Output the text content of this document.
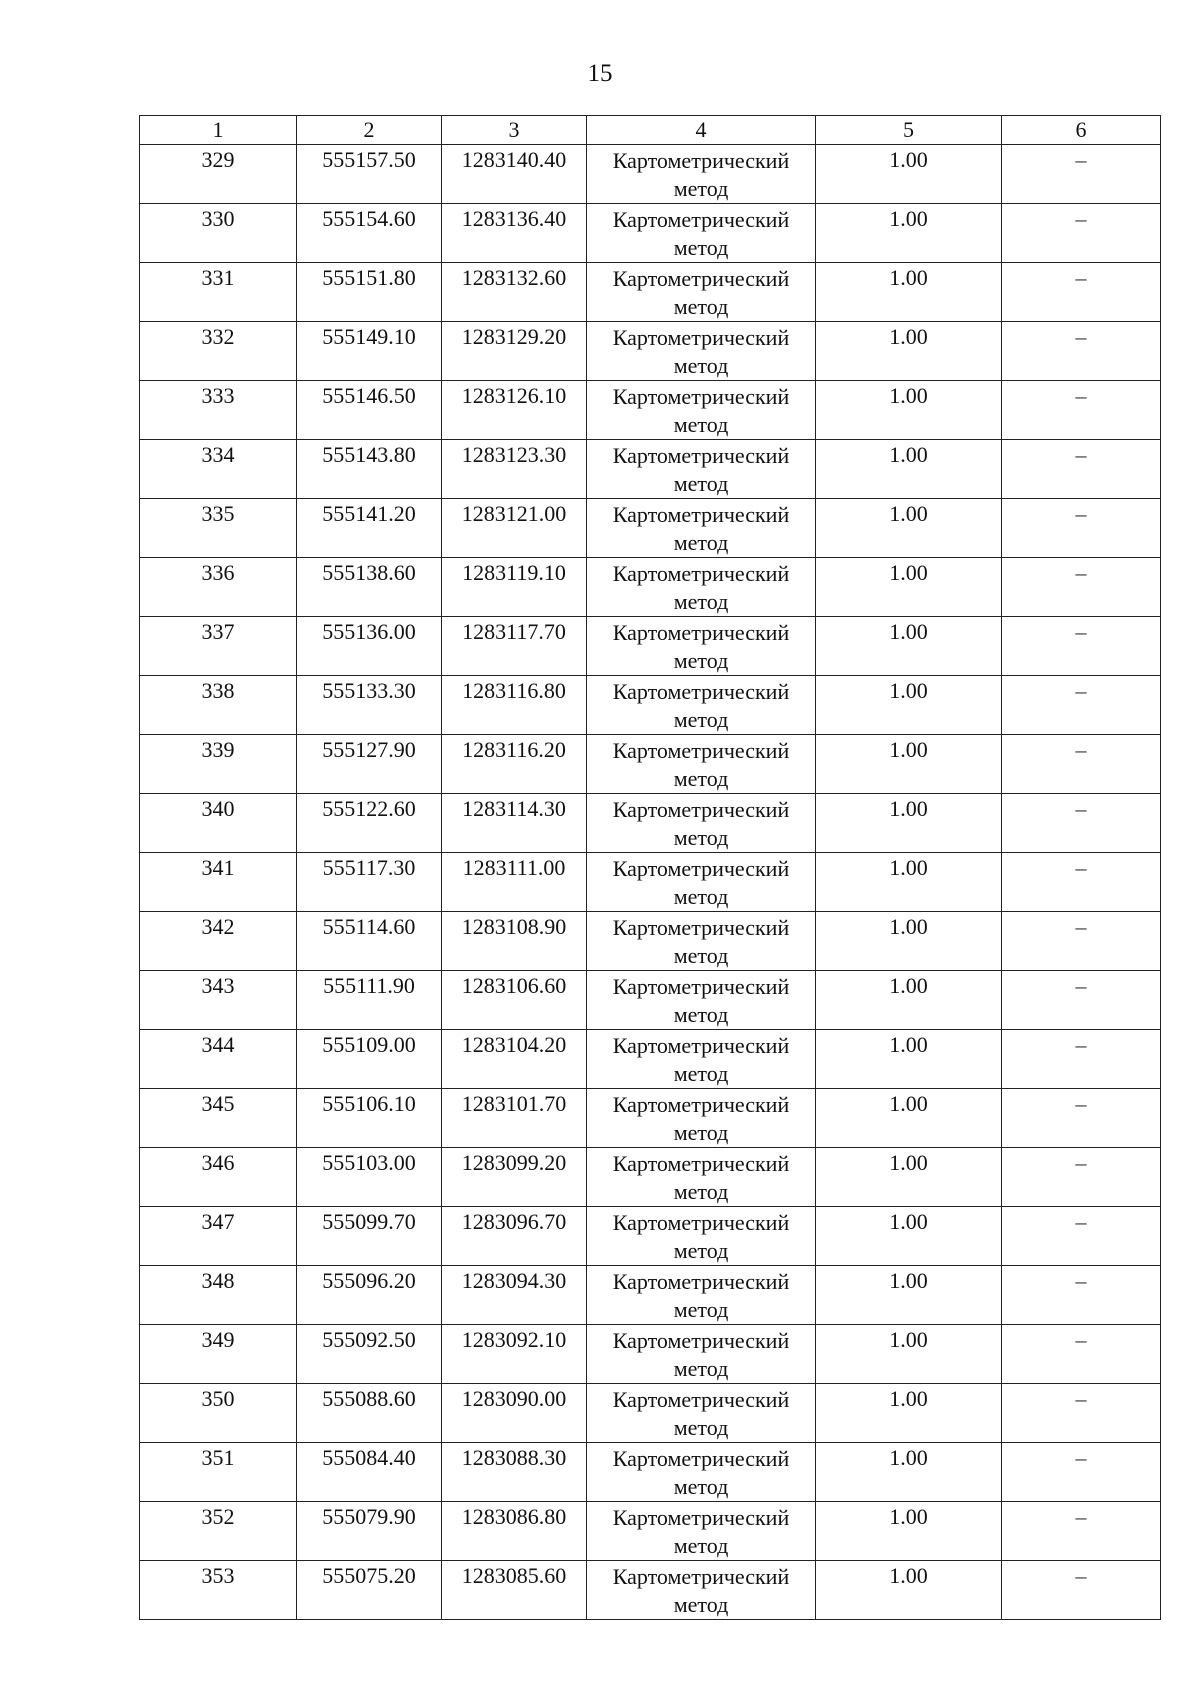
15
1	2	3	4	5	6
329	555157.50	1283140.40	Картометрический метод	1.00	–
330	555154.60	1283136.40	Картометрический метод	1.00	–
331	555151.80	1283132.60	Картометрический метод	1.00	–
332	555149.10	1283129.20	Картометрический метод	1.00	–
333	555146.50	1283126.10	Картометрический метод	1.00	–
334	555143.80	1283123.30	Картометрический метод	1.00	–
335	555141.20	1283121.00	Картометрический метод	1.00	–
336	555138.60	1283119.10	Картометрический метод	1.00	–
337	555136.00	1283117.70	Картометрический метод	1.00	–
338	555133.30	1283116.80	Картометрический метод	1.00	–
339	555127.90	1283116.20	Картометрический метод	1.00	–
340	555122.60	1283114.30	Картометрический метод	1.00	–
341	555117.30	1283111.00	Картометрический метод	1.00	–
342	555114.60	1283108.90	Картометрический метод	1.00	–
343	555111.90	1283106.60	Картометрический метод	1.00	–
344	555109.00	1283104.20	Картометрический метод	1.00	–
345	555106.10	1283101.70	Картометрический метод	1.00	–
346	555103.00	1283099.20	Картометрический метод	1.00	–
347	555099.70	1283096.70	Картометрический метод	1.00	–
348	555096.20	1283094.30	Картометрический метод	1.00	–
349	555092.50	1283092.10	Картометрический метод	1.00	–
350	555088.60	1283090.00	Картометрический метод	1.00	–
351	555084.40	1283088.30	Картометрический метод	1.00	–
352	555079.90	1283086.80	Картометрический метод	1.00	–
353	555075.20	1283085.60	Картометрический метод	1.00	–
